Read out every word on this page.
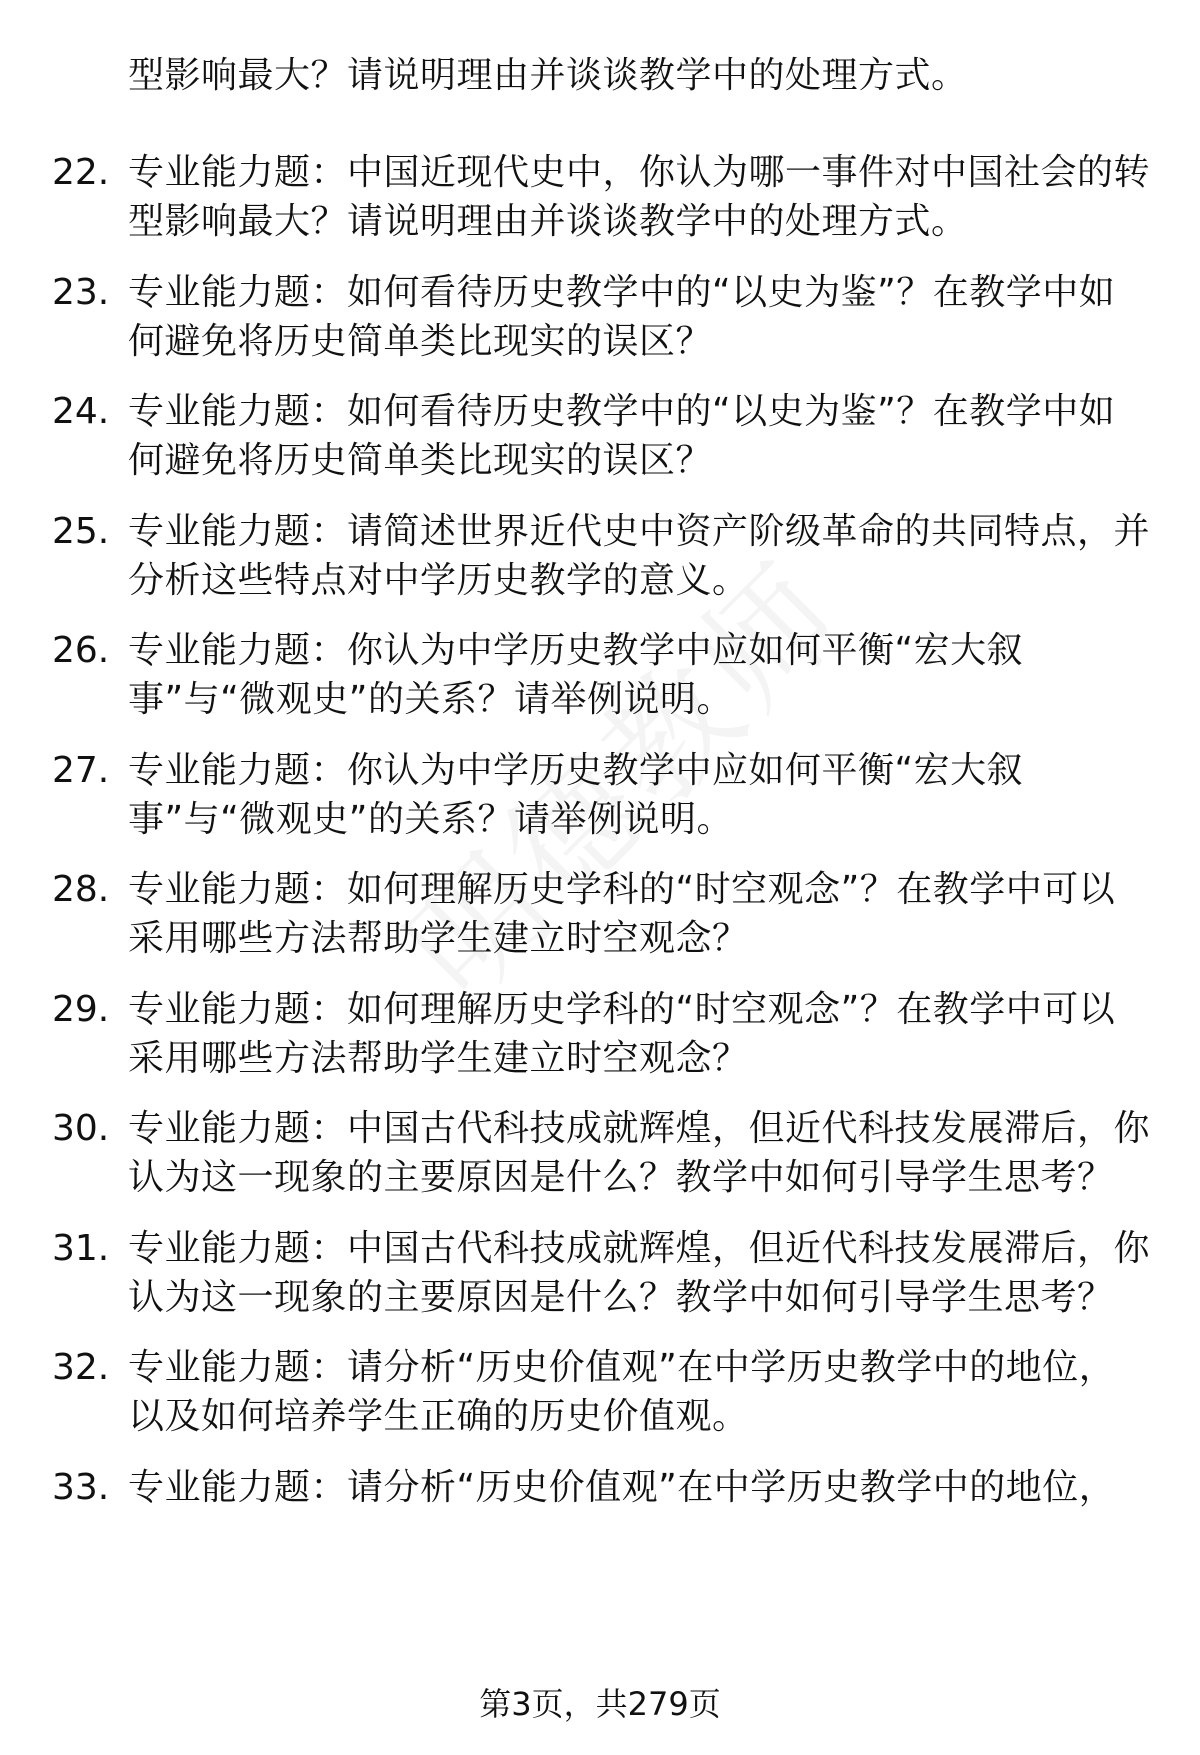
型影响最大？请说明理由并谈谈教学中的处理方式。
22. 专业能力题：中国近现代史中，你认为哪一事件对中国社会的转
型影响最大？请说明理由并谈谈教学中的处理方式。
23. 专业能力题：如何看待历史教学中的“以史为鉴”？在教学中如
何避免将历史简单类比现实的误区？
24. 专业能力题：如何看待历史教学中的“以史为鉴”？在教学中如
何避免将历史简单类比现实的误区？
25. 专业能力题：请简述世界近代史中资产阶级革命的共同特点，并
分析这些特点对中学历史教学的意义。
26. 专业能力题：你认为中学历史教学中应如何平衡“宏大叙
事”与“微观史”的关系？请举例说明。
27. 专业能力题：你认为中学历史教学中应如何平衡“宏大叙
事”与“微观史”的关系？请举例说明。
28. 专业能力题：如何理解历史学科的“时空观念”？在教学中可以
采用哪些方法帮助学生建立时空观念？
29. 专业能力题：如何理解历史学科的“时空观念”？在教学中可以
采用哪些方法帮助学生建立时空观念？
30. 专业能力题：中国古代科技成就辉煌，但近代科技发展滞后，你
认为这一现象的主要原因是什么？教学中如何引导学生思考？
31. 专业能力题：中国古代科技成就辉煌，但近代科技发展滞后，你
认为这一现象的主要原因是什么？教学中如何引导学生思考？
32. 专业能力题：请分析“历史价值观”在中学历史教学中的地位，
以及如何培养学生正确的历史价值观。
33. 专业能力题：请分析“历史价值观”在中学历史教学中的地位，
第3页，共279页
